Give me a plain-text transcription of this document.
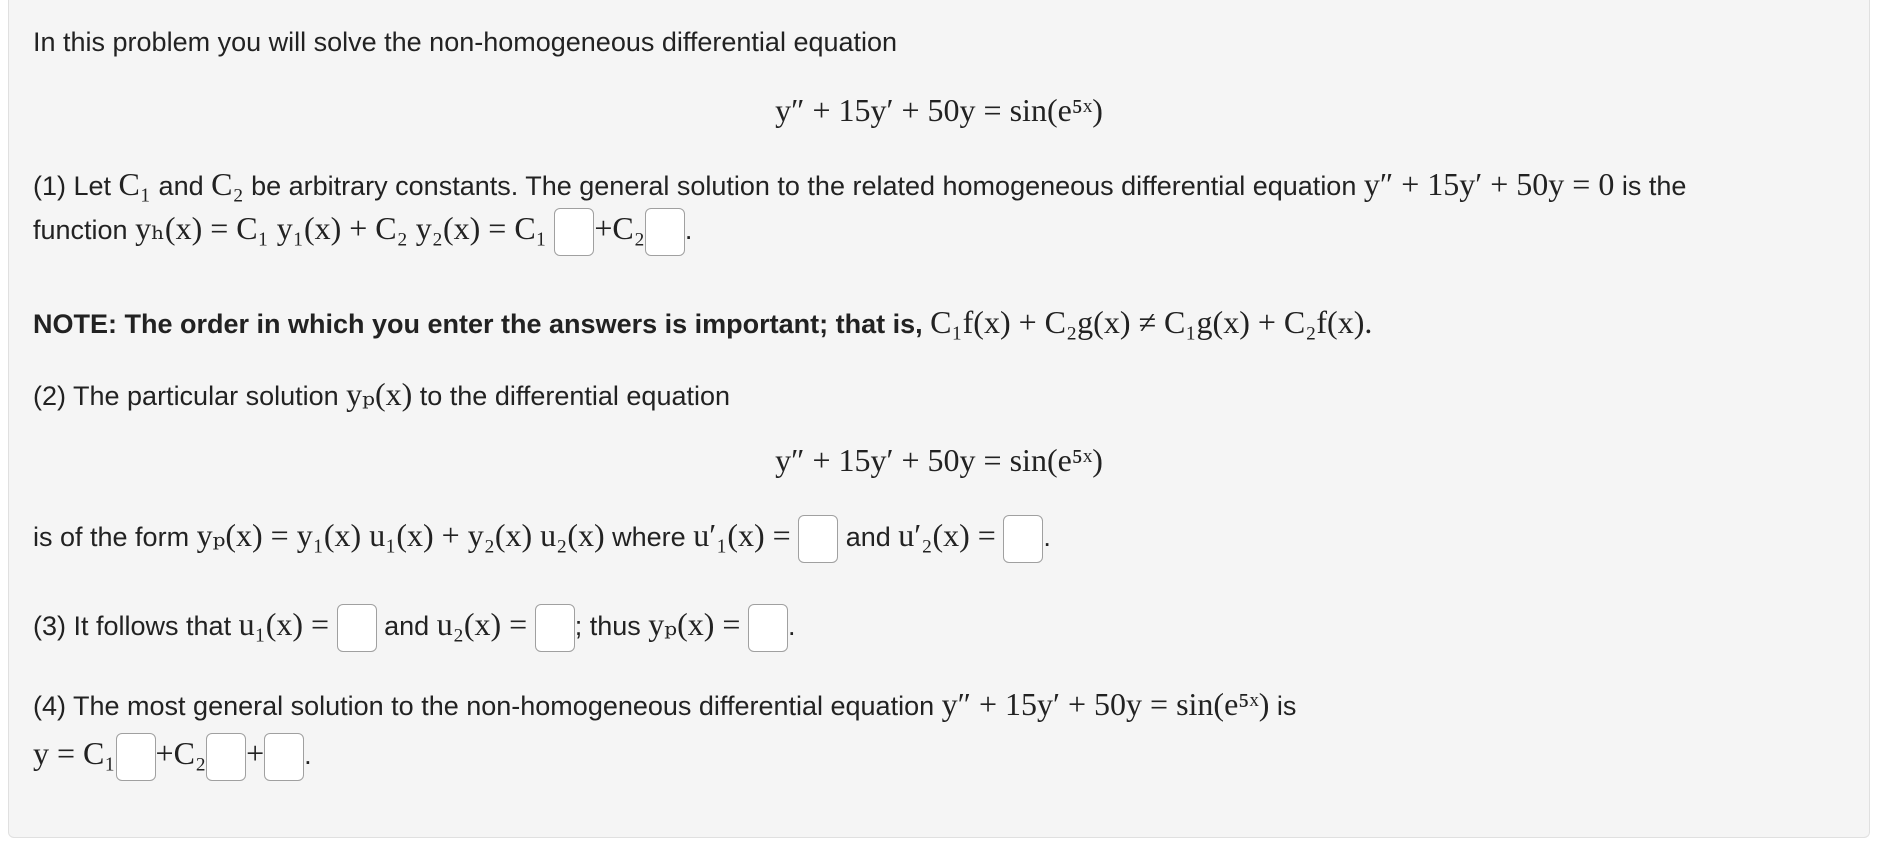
In this problem you will solve the non-homogeneous differential equation
y″ + 15y′ + 50y = sin(e⁵ˣ)
(1) Let C₁ and C₂ be arbitrary constants. The general solution to the related homogeneous differential equation y″ + 15y′ + 50y = 0 is the
function yₕ(x) = C₁ y₁(x) + C₂ y₂(x) = C₁ +C₂ .
NOTE: The order in which you enter the answers is important; that is, C₁f(x) + C₂g(x) ≠ C₁g(x) + C₂f(x).
(2) The particular solution yₚ(x) to the differential equation
y″ + 15y′ + 50y = sin(e⁵ˣ)
is of the form yₚ(x) = y₁(x) u₁(x) + y₂(x) u₂(x) where u′₁(x) = and u′₂(x) = .
(3) It follows that u₁(x) = and u₂(x) = ; thus yₚ(x) = .
(4) The most general solution to the non-homogeneous differential equation y″ + 15y′ + 50y = sin(e⁵ˣ) is
y = C₁ +C₂ + .
